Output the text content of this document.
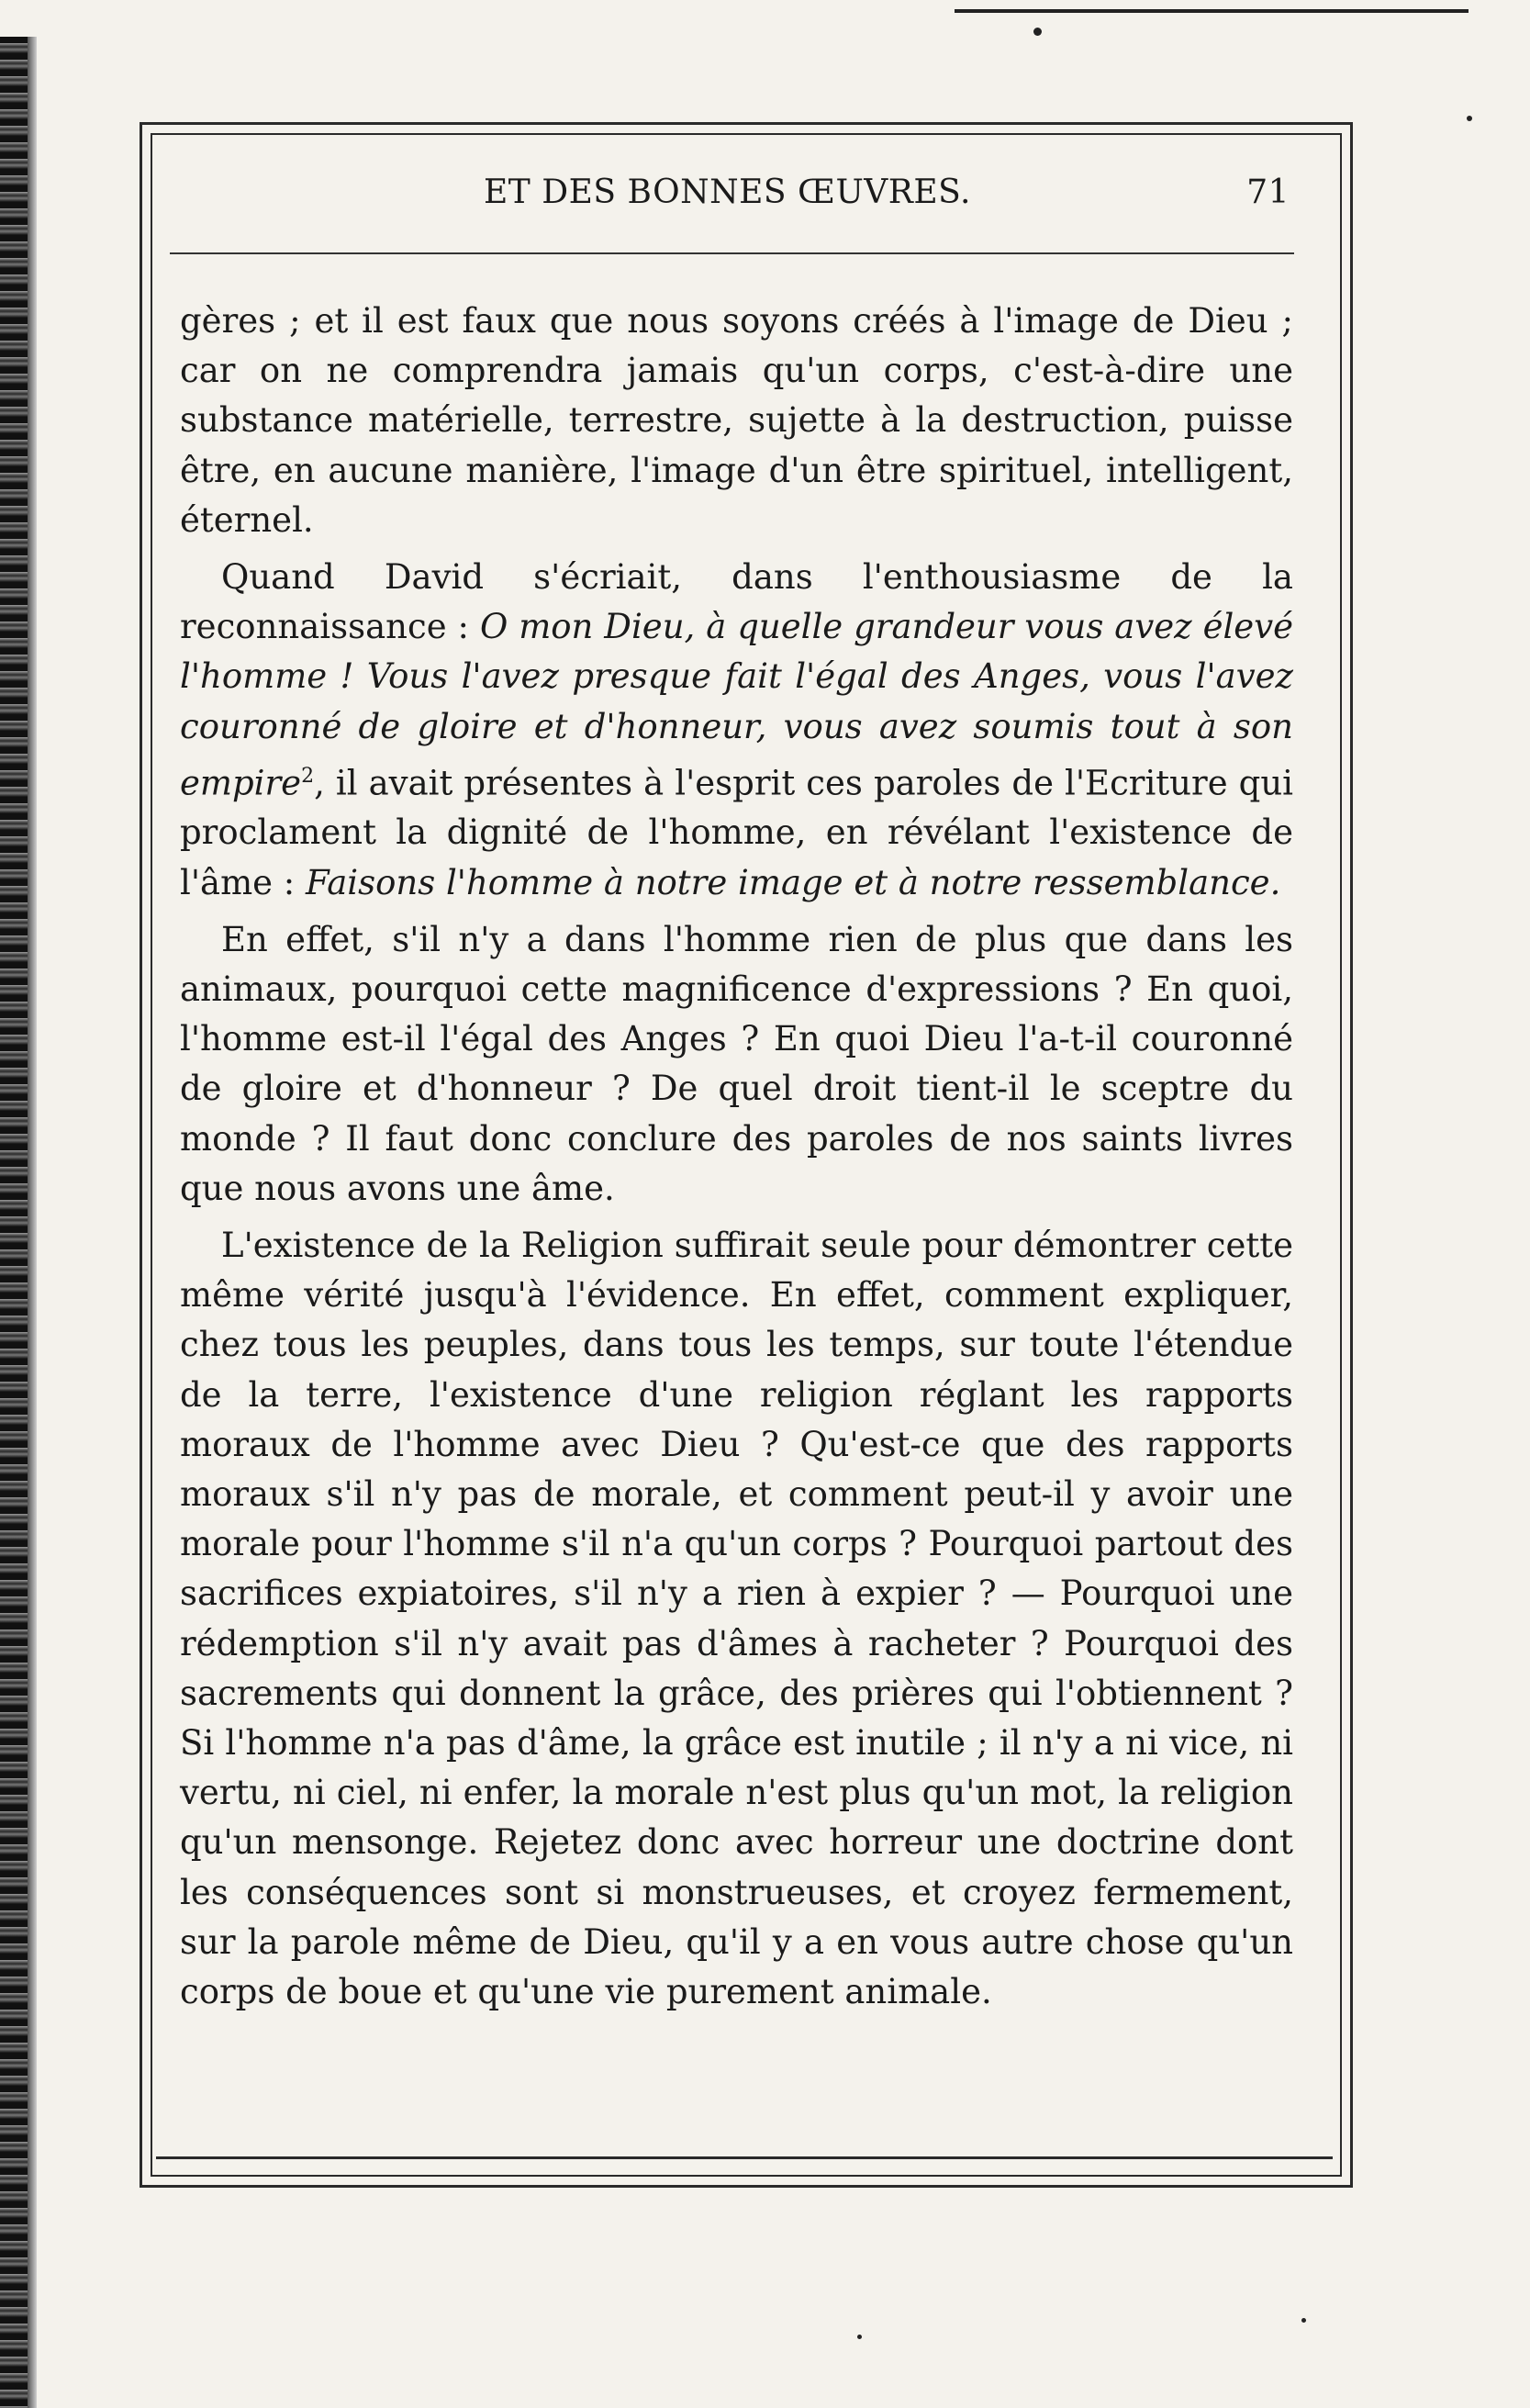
ET DES BONNES ŒUVRES.	71

gères ; et il est faux que nous soyons créés à l'image de Dieu ; car on ne comprendra jamais qu'un corps, c'est-à-dire une substance matérielle, terrestre, sujette à la destruction, puisse être, en aucune manière, l'image d'un être spirituel, intelligent, éternel.

Quand David s'écriait, dans l'enthousiasme de la reconnaissance : O mon Dieu, à quelle grandeur vous avez élevé l'homme ! Vous l'avez presque fait l'égal des Anges, vous l'avez couronné de gloire et d'honneur, vous avez soumis tout à son empire$^2$, il avait présentes à l'esprit ces paroles de l'Ecriture qui proclament la dignité de l'homme, en révélant l'existence de l'âme : Faisons l'homme à notre image et à notre ressemblance.

En effet, s'il n'y a dans l'homme rien de plus que dans les animaux, pourquoi cette magnificence d'expressions ? En quoi, l'homme est-il l'égal des Anges ? En quoi Dieu l'a-t-il couronné de gloire et d'honneur ? De quel droit tient-il le sceptre du monde ? Il faut donc conclure des paroles de nos saints livres que nous avons une âme.

L'existence de la Religion suffirait seule pour démontrer cette même vérité jusqu'à l'évidence. En effet, comment expliquer, chez tous les peuples, dans tous les temps, sur toute l'étendue de la terre, l'existence d'une religion réglant les rapports moraux de l'homme avec Dieu ? Qu'est-ce que des rapports moraux s'il n'y pas de morale, et comment peut-il y avoir une morale pour l'homme s'il n'a qu'un corps ? Pourquoi partout des sacrifices expiatoires, s'il n'y a rien à expier ? — Pourquoi une rédemption s'il n'y avait pas d'âmes à racheter ? Pourquoi des sacrements qui donnent la grâce, des prières qui l'obtiennent ? Si l'homme n'a pas d'âme, la grâce est inutile ; il n'y a ni vice, ni vertu, ni ciel, ni enfer, la morale n'est plus qu'un mot, la religion qu'un mensonge. Rejetez donc avec horreur une doctrine dont les conséquences sont si monstrueuses, et croyez fermement, sur la parole même de Dieu, qu'il y a en vous autre chose qu'un corps de boue et qu'une vie purement animale.
